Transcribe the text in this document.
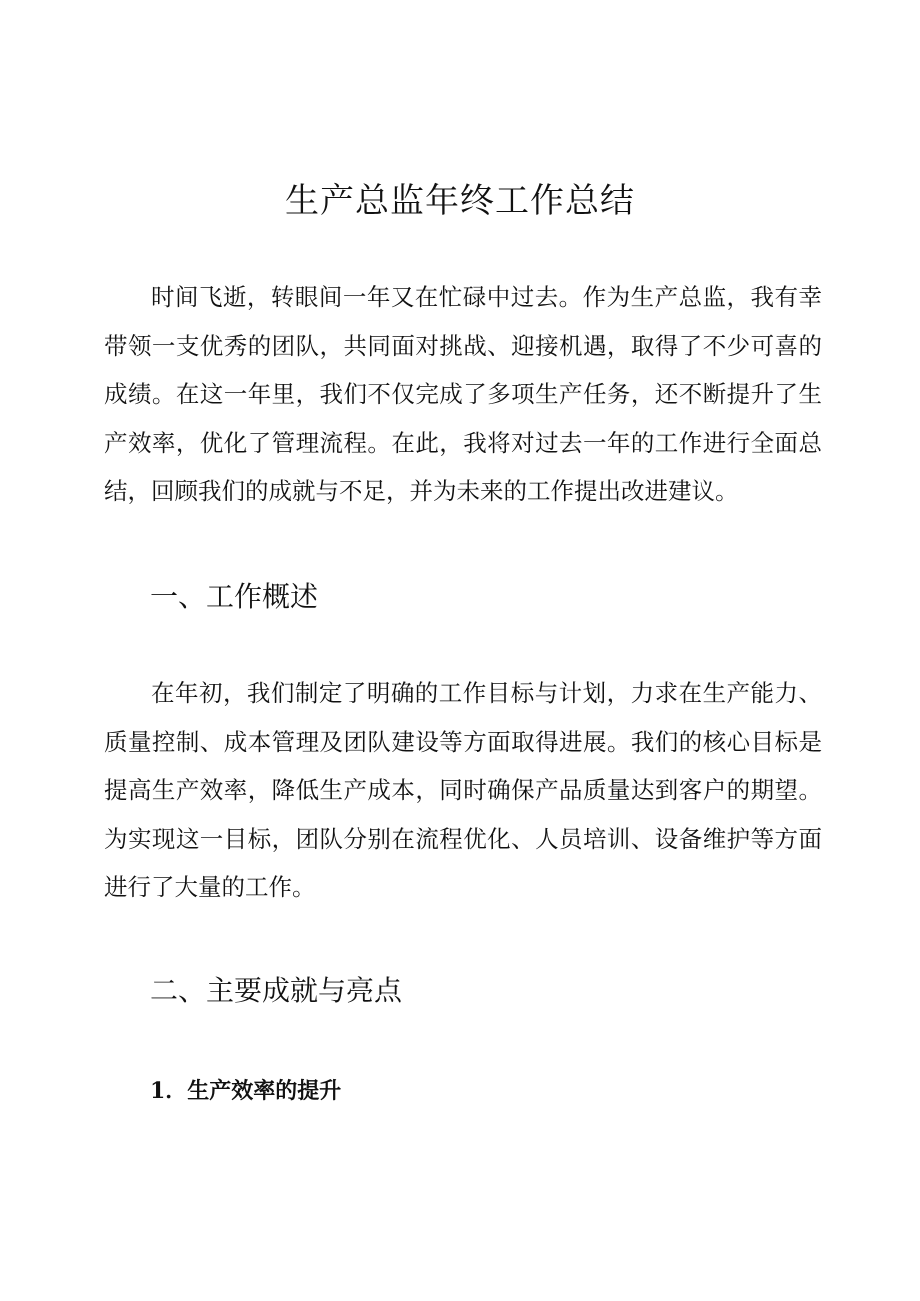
生产总监年终工作总结

时间飞逝，转眼间一年又在忙碌中过去。作为生产总监，我有幸带领一支优秀的团队，共同面对挑战、迎接机遇，取得了不少可喜的成绩。在这一年里，我们不仅完成了多项生产任务，还不断提升了生产效率，优化了管理流程。在此，我将对过去一年的工作进行全面总结，回顾我们的成就与不足，并为未来的工作提出改进建议。

一、工作概述

在年初，我们制定了明确的工作目标与计划，力求在生产能力、质量控制、成本管理及团队建设等方面取得进展。我们的核心目标是提高生产效率，降低生产成本，同时确保产品质量达到客户的期望。为实现这一目标，团队分别在流程优化、人员培训、设备维护等方面进行了大量的工作。

二、主要成就与亮点
1．生产效率的提升
